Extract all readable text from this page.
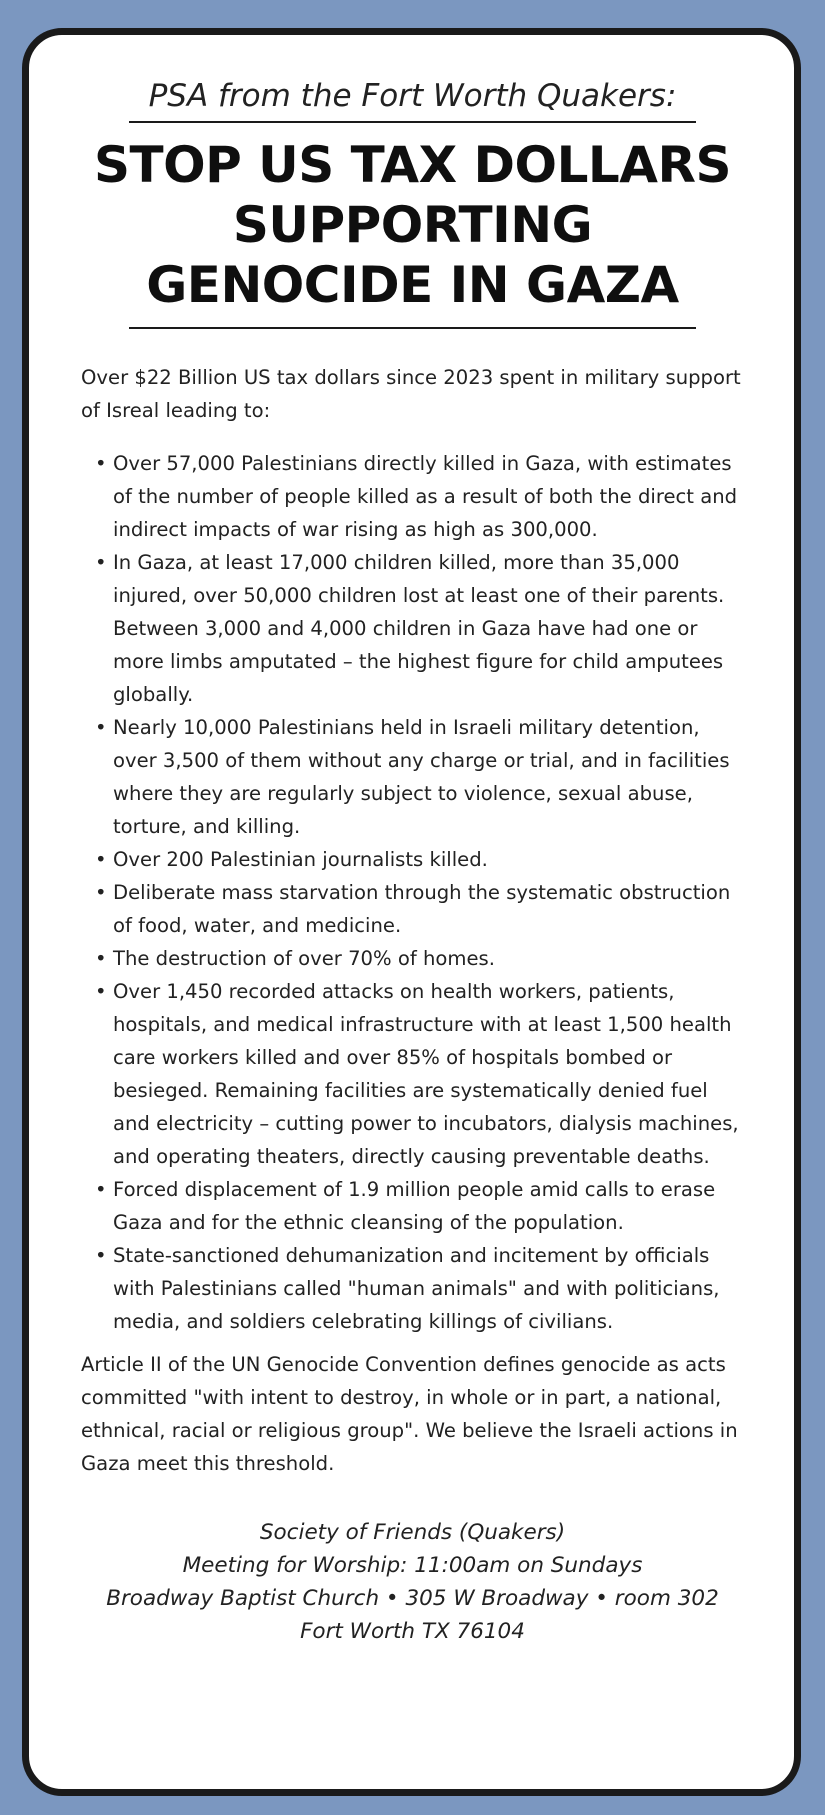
PSA from the Fort Worth Quakers:
STOP US TAX DOLLARS
SUPPORTING
GENOCIDE IN GAZA

Over $22 Billion US tax dollars since 2023 spent in military support of Isreal leading to:

• Over 57,000 Palestinians directly killed in Gaza, with estimates of the number of people killed as a result of both the direct and indirect impacts of war rising as high as 300,000.
• In Gaza, at least 17,000 children killed, more than 35,000 injured, over 50,000 children lost at least one of their parents. Between 3,000 and 4,000 children in Gaza have had one or more limbs amputated – the highest figure for child amputees globally.
• Nearly 10,000 Palestinians held in Israeli military detention, over 3,500 of them without any charge or trial, and in facilities where they are regularly subject to violence, sexual abuse, torture, and killing.
• Over 200 Palestinian journalists killed.
• Deliberate mass starvation through the systematic obstruction of food, water, and medicine.
• The destruction of over 70% of homes.
• Over 1,450 recorded attacks on health workers, patients, hospitals, and medical infrastructure with at least 1,500 health care workers killed and over 85% of hospitals bombed or besieged. Remaining facilities are systematically denied fuel and electricity – cutting power to incubators, dialysis machines, and operating theaters, directly causing preventable deaths.
• Forced displacement of 1.9 million people amid calls to erase Gaza and for the ethnic cleansing of the population.
• State-sanctioned dehumanization and incitement by officials with Palestinians called "human animals" and with politicians, media, and soldiers celebrating killings of civilians.

Article II of the UN Genocide Convention defines genocide as acts committed "with intent to destroy, in whole or in part, a national, ethnical, racial or religious group". We believe the Israeli actions in Gaza meet this threshold.

Society of Friends (Quakers)
Meeting for Worship: 11:00am on Sundays
Broadway Baptist Church • 305 W Broadway • room 302
Fort Worth TX 76104
